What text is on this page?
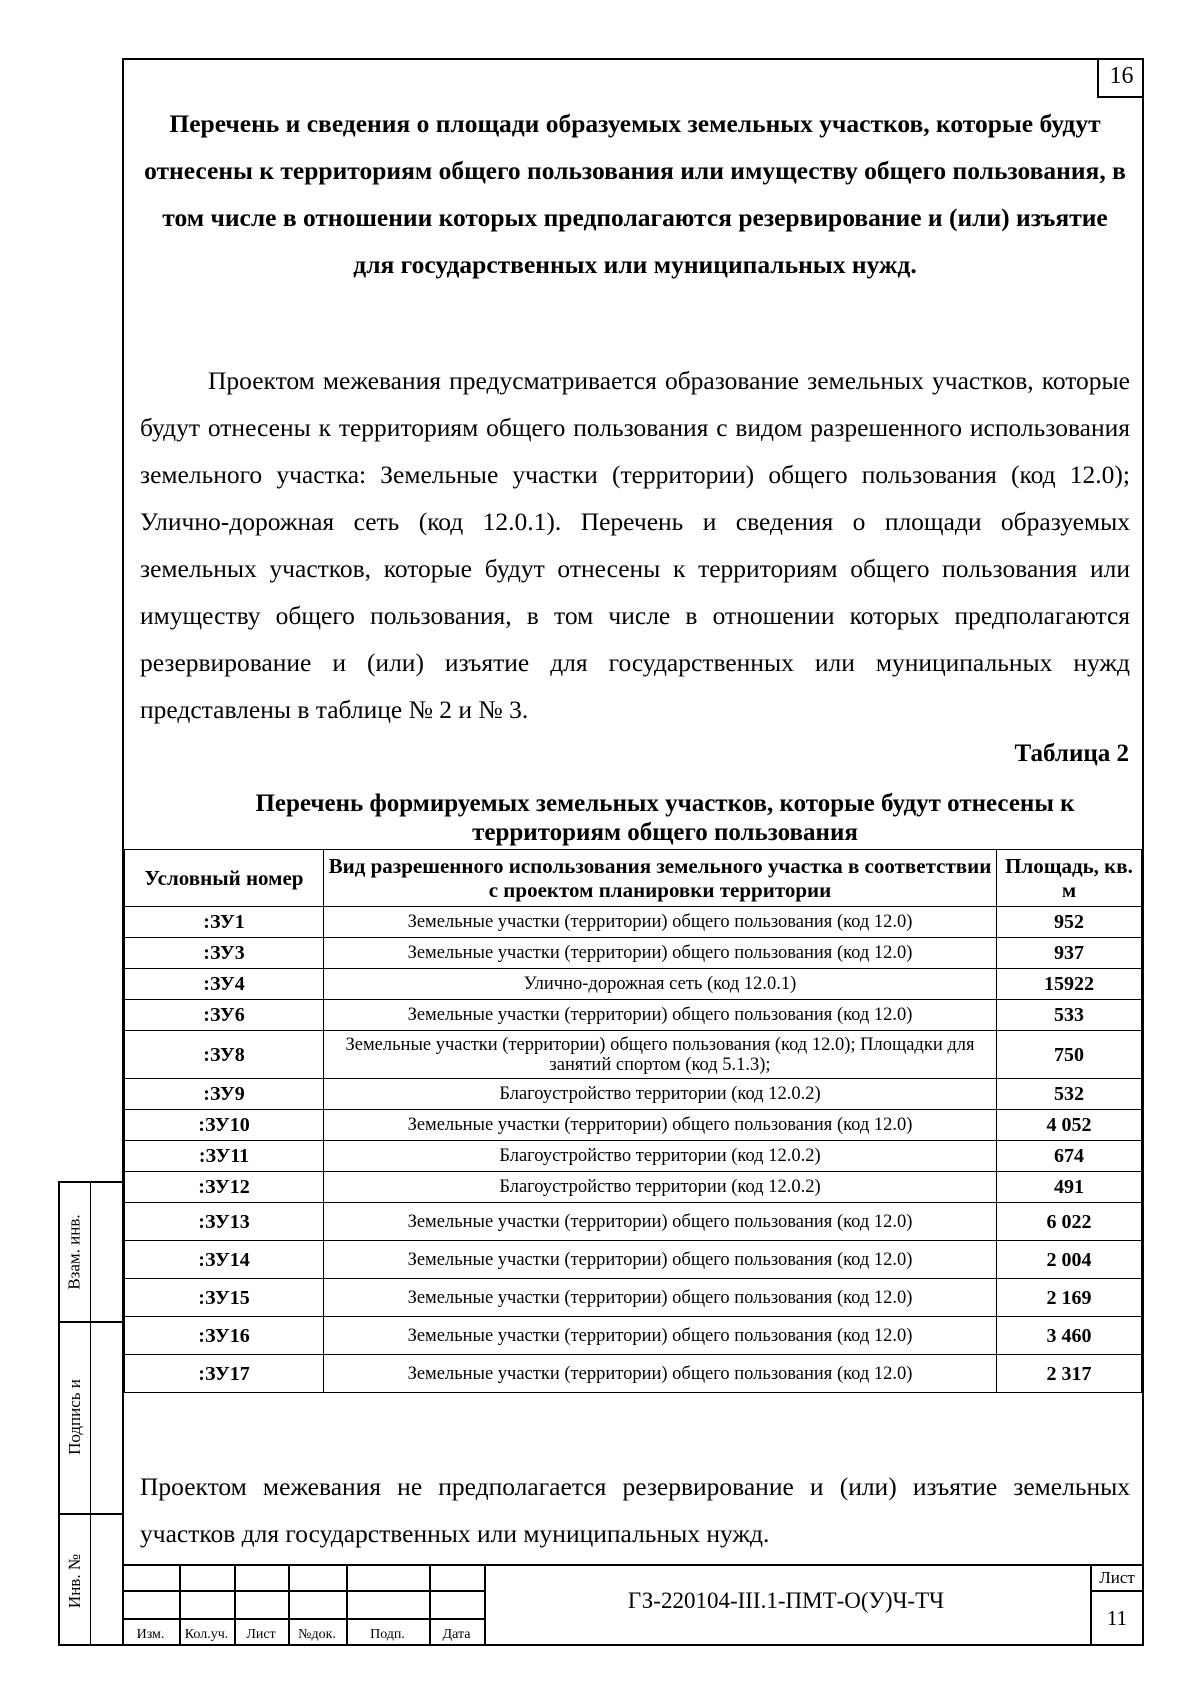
16
Перечень и сведения о площади образуемых земельных участков, которые будут отнесены к территориям общего пользования или имуществу общего пользования, в том числе в отношении которых предполагаются резервирование и (или) изъятие для государственных или муниципальных нужд.
Проектом межевания предусматривается образование земельных участков, которые будут отнесены к территориям общего пользования с видом разрешенного использования земельного участка: Земельные участки (территории) общего пользования (код 12.0); Улично-дорожная сеть (код 12.0.1). Перечень и сведения о площади образуемых земельных участков, которые будут отнесены к территориям общего пользования или имуществу общего пользования, в том числе в отношении которых предполагаются резервирование и (или) изъятие для государственных или муниципальных нужд представлены в таблице № 2 и № 3.
Таблица 2
Перечень формируемых земельных участков, которые будут отнесены к территориям общего пользования
Условный номер	Вид разрешенного использования земельного участка в соответствии с проектом планировки территории	Площадь, кв. м
:ЗУ1	Земельные участки (территории) общего пользования (код 12.0)	952
:ЗУ3	Земельные участки (территории) общего пользования (код 12.0)	937
:ЗУ4	Улично-дорожная сеть (код 12.0.1)	15922
:ЗУ6	Земельные участки (территории) общего пользования (код 12.0)	533
:ЗУ8	Земельные участки (территории) общего пользования (код 12.0); Площадки для занятий спортом (код 5.1.3);	750
:ЗУ9	Благоустройство территории (код 12.0.2)	532
:ЗУ10	Земельные участки (территории) общего пользования (код 12.0)	4 052
:ЗУ11	Благоустройство территории (код 12.0.2)	674
:ЗУ12	Благоустройство территории (код 12.0.2)	491
:ЗУ13	Земельные участки (территории) общего пользования (код 12.0)	6 022
:ЗУ14	Земельные участки (территории) общего пользования (код 12.0)	2 004
:ЗУ15	Земельные участки (территории) общего пользования (код 12.0)	2 169
:ЗУ16	Земельные участки (территории) общего пользования (код 12.0)	3 460
:ЗУ17	Земельные участки (территории) общего пользования (код 12.0)	2 317
Проектом межевания не предполагается резервирование и (или) изъятие земельных участков для государственных или муниципальных нужд.
Взам. инв.
Подпись и
Инв. №
Изм.	Кол.уч.	Лист	№док.	Подп.	Дата
ГЗ-220104-III.1-ПМТ-О(У)Ч-ТЧ
Лист
11
